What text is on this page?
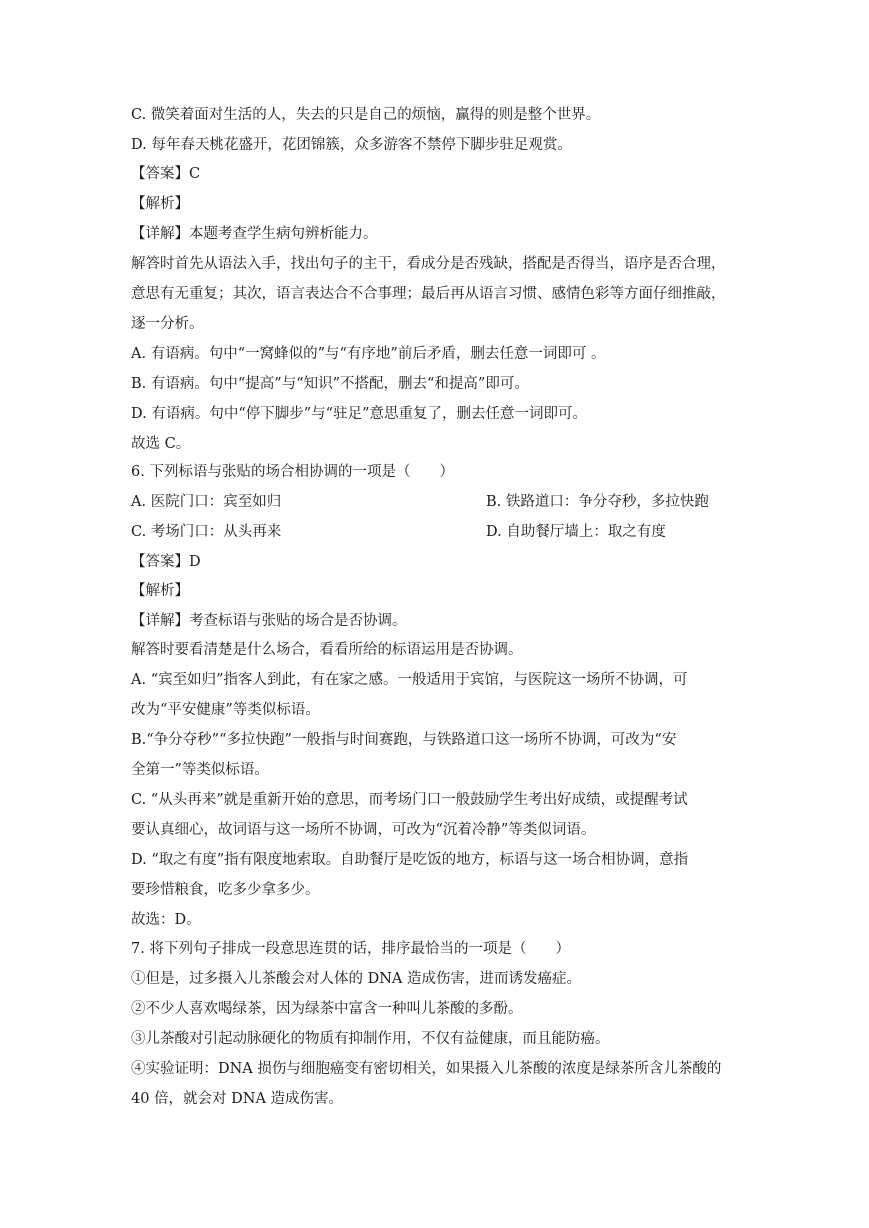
C. 微笑着面对生活的人，失去的只是自己的烦恼，赢得的则是整个世界。
D. 每年春天桃花盛开，花团锦簇，众多游客不禁停下脚步驻足观赏。
【答案】C
【解析】
【详解】本题考查学生病句辨析能力。
解答时首先从语法入手，找出句子的主干，看成分是否残缺，搭配是否得当，语序是否合理，
意思有无重复；其次，语言表达合不合事理；最后再从语言习惯、感情色彩等方面仔细推敲，
逐一分析。
A. 有语病。句中“一窝蜂似的”与“有序地”前后矛盾，删去任意一词即可 。
B. 有语病。句中“提高”与“知识”不搭配，删去“和提高”即可。
D. 有语病。句中“停下脚步”与“驻足”意思重复了，删去任意一词即可。
故选 C。
6. 下列标语与张贴的场合相协调的一项是（　　）
A. 医院门口：宾至如归	B. 铁路道口：争分夺秒，多拉快跑
C. 考场门口：从头再来	D. 自助餐厅墙上：取之有度
【答案】D
【解析】
【详解】考查标语与张贴的场合是否协调。
解答时要看清楚是什么场合，看看所给的标语运用是否协调。
A. “宾至如归”指客人到此，有在家之感。一般适用于宾馆，与医院这一场所不协调，可
改为“平安健康”等类似标语。
B.“争分夺秒”“多拉快跑”一般指与时间赛跑，与铁路道口这一场所不协调，可改为“安
全第一”等类似标语。
C. “从头再来”就是重新开始的意思，而考场门口一般鼓励学生考出好成绩，或提醒考试
要认真细心，故词语与这一场所不协调，可改为“沉着冷静”等类似词语。
D. “取之有度”指有限度地索取。自助餐厅是吃饭的地方，标语与这一场合相协调，意指
要珍惜粮食，吃多少拿多少。
故选：D。
7. 将下列句子排成一段意思连贯的话，排序最恰当的一项是（　　）
①但是，过多摄入儿茶酸会对人体的 DNA 造成伤害，进而诱发癌症。
②不少人喜欢喝绿茶，因为绿茶中富含一种叫儿茶酸的多酚。
③儿茶酸对引起动脉硬化的物质有抑制作用，不仅有益健康，而且能防癌。
④实验证明：DNA 损伤与细胞癌变有密切相关，如果摄入儿茶酸的浓度是绿茶所含儿茶酸的
40 倍，就会对 DNA 造成伤害。
